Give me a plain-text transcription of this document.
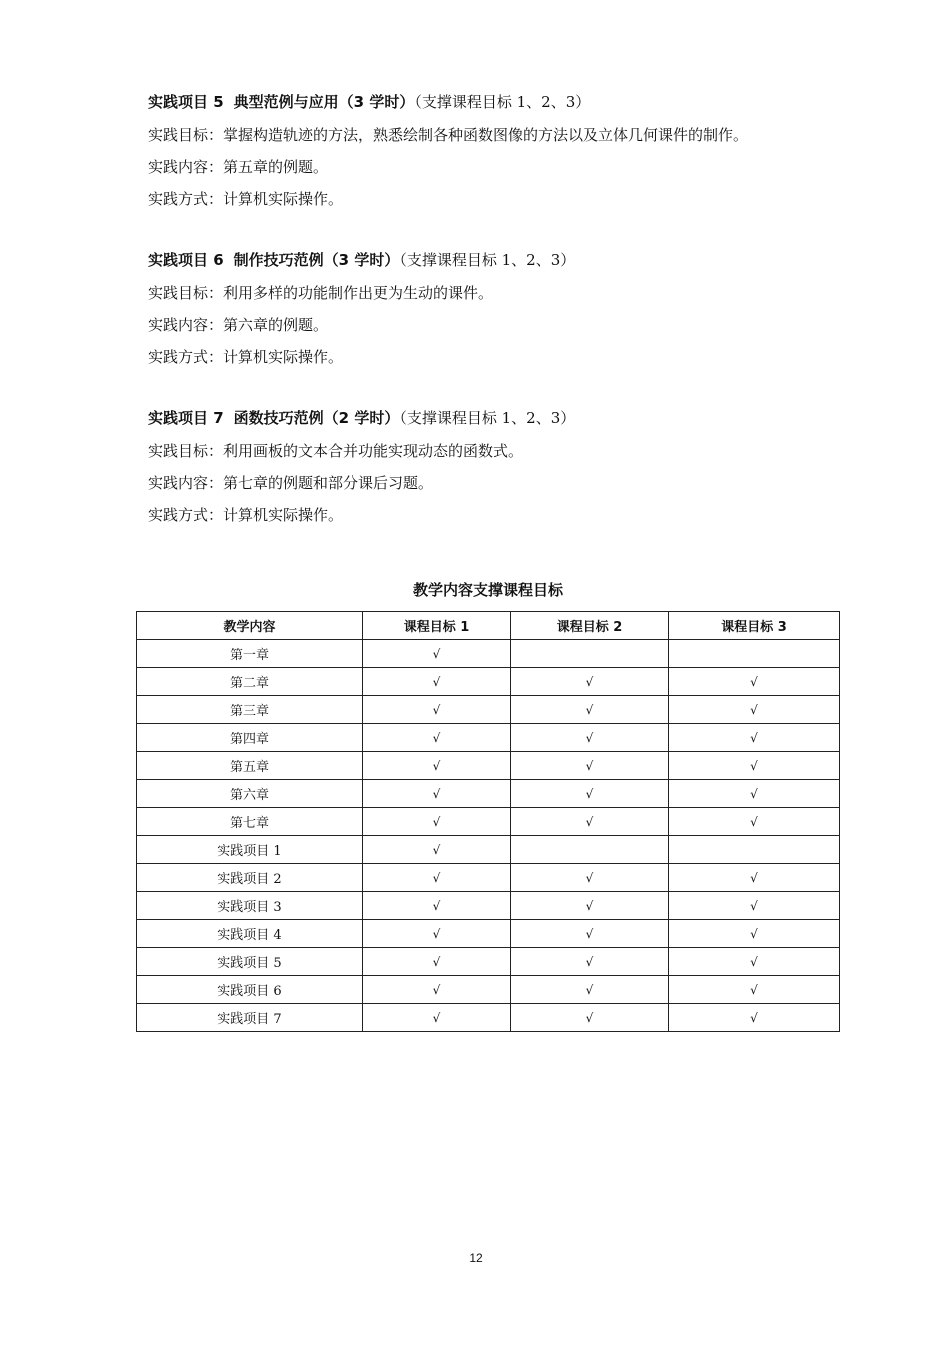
实践项目 5 典型范例与应用（3 学时）（支撑课程目标 1、2、3）
实践目标：掌握构造轨迹的方法，熟悉绘制各种函数图像的方法以及立体几何课件的制作。
实践内容：第五章的例题。
实践方式：计算机实际操作。
实践项目 6 制作技巧范例（3 学时）（支撑课程目标 1、2、3）
实践目标：利用多样的功能制作出更为生动的课件。
实践内容：第六章的例题。
实践方式：计算机实际操作。
实践项目 7 函数技巧范例（2 学时）（支撑课程目标 1、2、3）
实践目标：利用画板的文本合并功能实现动态的函数式。
实践内容：第七章的例题和部分课后习题。
实践方式：计算机实际操作。
教学内容支撑课程目标
教学内容	课程目标 1	课程目标 2	课程目标 3
第一章	√		
第二章	√	√	√
第三章	√	√	√
第四章	√	√	√
第五章	√	√	√
第六章	√	√	√
第七章	√	√	√
实践项目 1	√		
实践项目 2	√	√	√
实践项目 3	√	√	√
实践项目 4	√	√	√
实践项目 5	√	√	√
实践项目 6	√	√	√
实践项目 7	√	√	√
12
